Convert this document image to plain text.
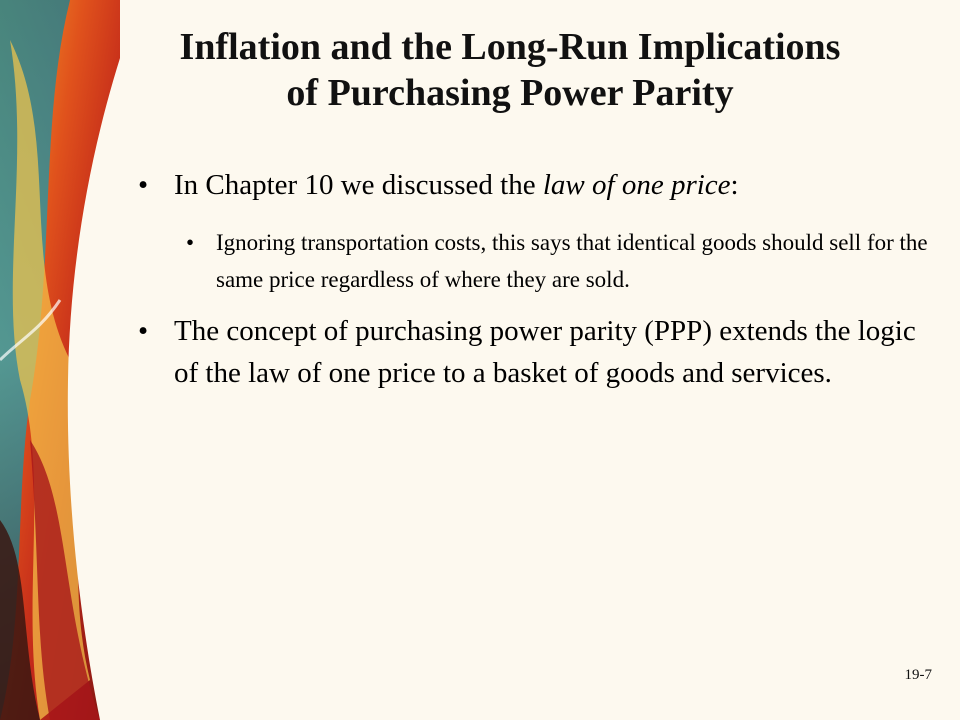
Inflation and the Long-Run Implications
of Purchasing Power Parity
• In Chapter 10 we discussed the law of one price:
• Ignoring transportation costs, this says that identical goods should sell for the same price regardless of where they are sold.
• The concept of purchasing power parity (PPP) extends the logic of the law of one price to a basket of goods and services.
19-7
